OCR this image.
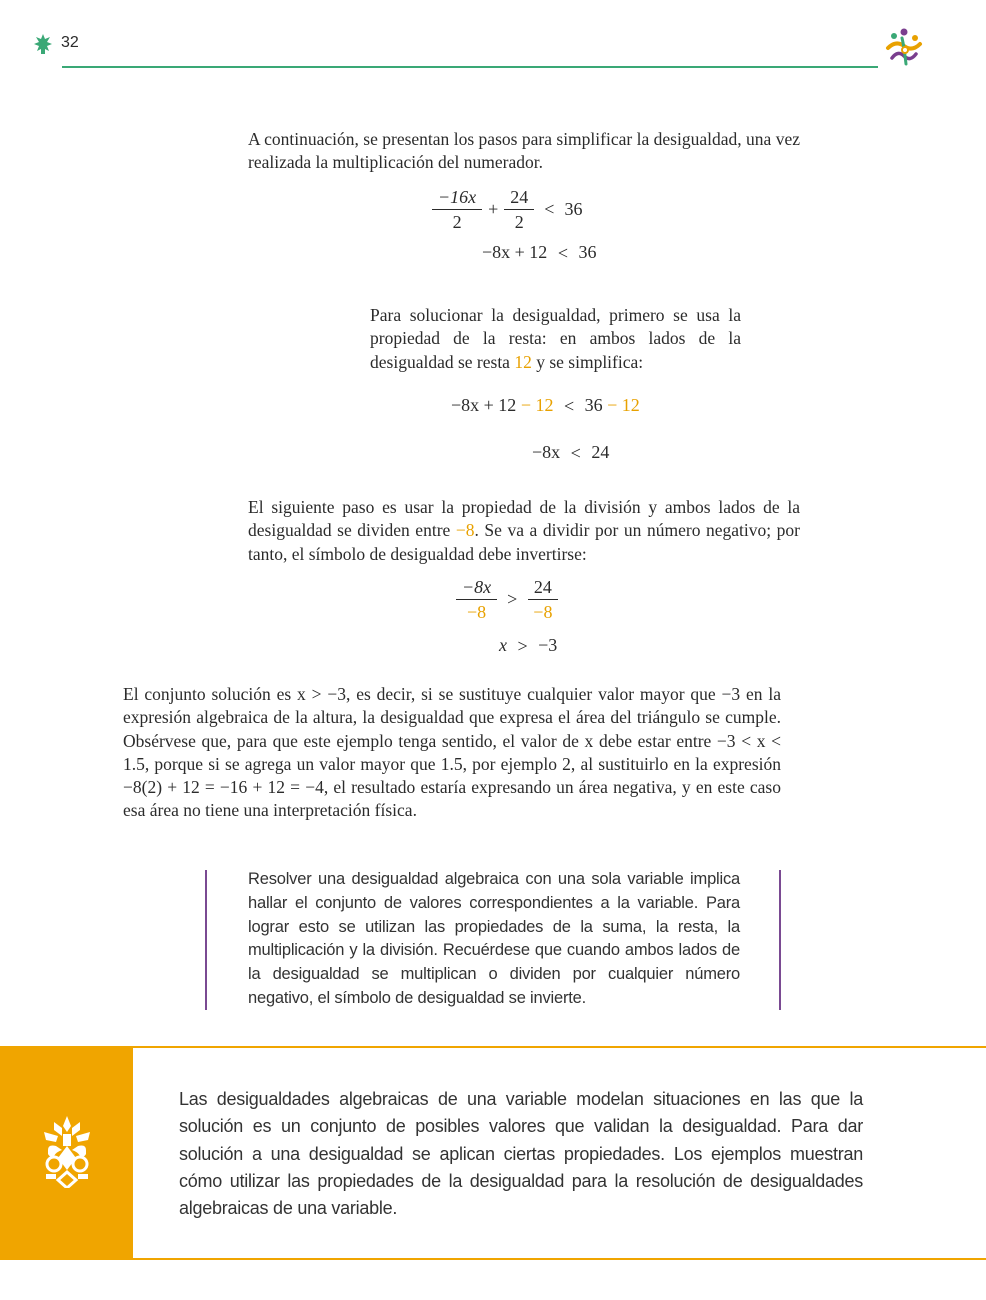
32
A continuación, se presentan los pasos para simplificar la desigualdad, una vez realizada la multiplicación del numerador.
$\frac{-16x}{2} + \frac{24}{2} < 36$
−8x + 12 < 36
Para solucionar la desigualdad, primero se usa la propiedad de la resta: en ambos lados de la desigualdad se resta 12 y se simplifica:
−8x + 12 − 12 < 36 − 12
−8x < 24
El siguiente paso es usar la propiedad de la división y ambos lados de la desigualdad se dividen entre −8. Se va a dividir por un número negativo; por tanto, el símbolo de desigualdad debe invertirse:
$\frac{-8x}{-8} > \frac{24}{-8}$
x > −3
El conjunto solución es x > −3, es decir, si se sustituye cualquier valor mayor que −3 en la expresión algebraica de la altura, la desigualdad que expresa el área del triángulo se cumple. Obsérvese que, para que este ejemplo tenga sentido, el valor de x debe estar entre −3 < x < 1.5, porque si se agrega un valor mayor que 1.5, por ejemplo 2, al sustituirlo en la expresión −8(2) + 12 = −16 + 12 = −4, el resultado estaría expresando un área negativa, y en este caso esa área no tiene una interpretación física.
Resolver una desigualdad algebraica con una sola variable implica hallar el conjunto de valores correspondientes a la variable. Para lograr esto se utilizan las propiedades de la suma, la resta, la multiplicación y la división. Recuérdese que cuando ambos lados de la desigualdad se multiplican o dividen por cualquier número negativo, el símbolo de desigualdad se invierte.
Las desigualdades algebraicas de una variable modelan situaciones en las que la solución es un conjunto de posibles valores que validan la desigualdad. Para dar solución a una desigualdad se aplican ciertas propiedades. Los ejemplos muestran cómo utilizar las propiedades de la desigualdad para la resolución de desigualdades algebraicas de una variable.
